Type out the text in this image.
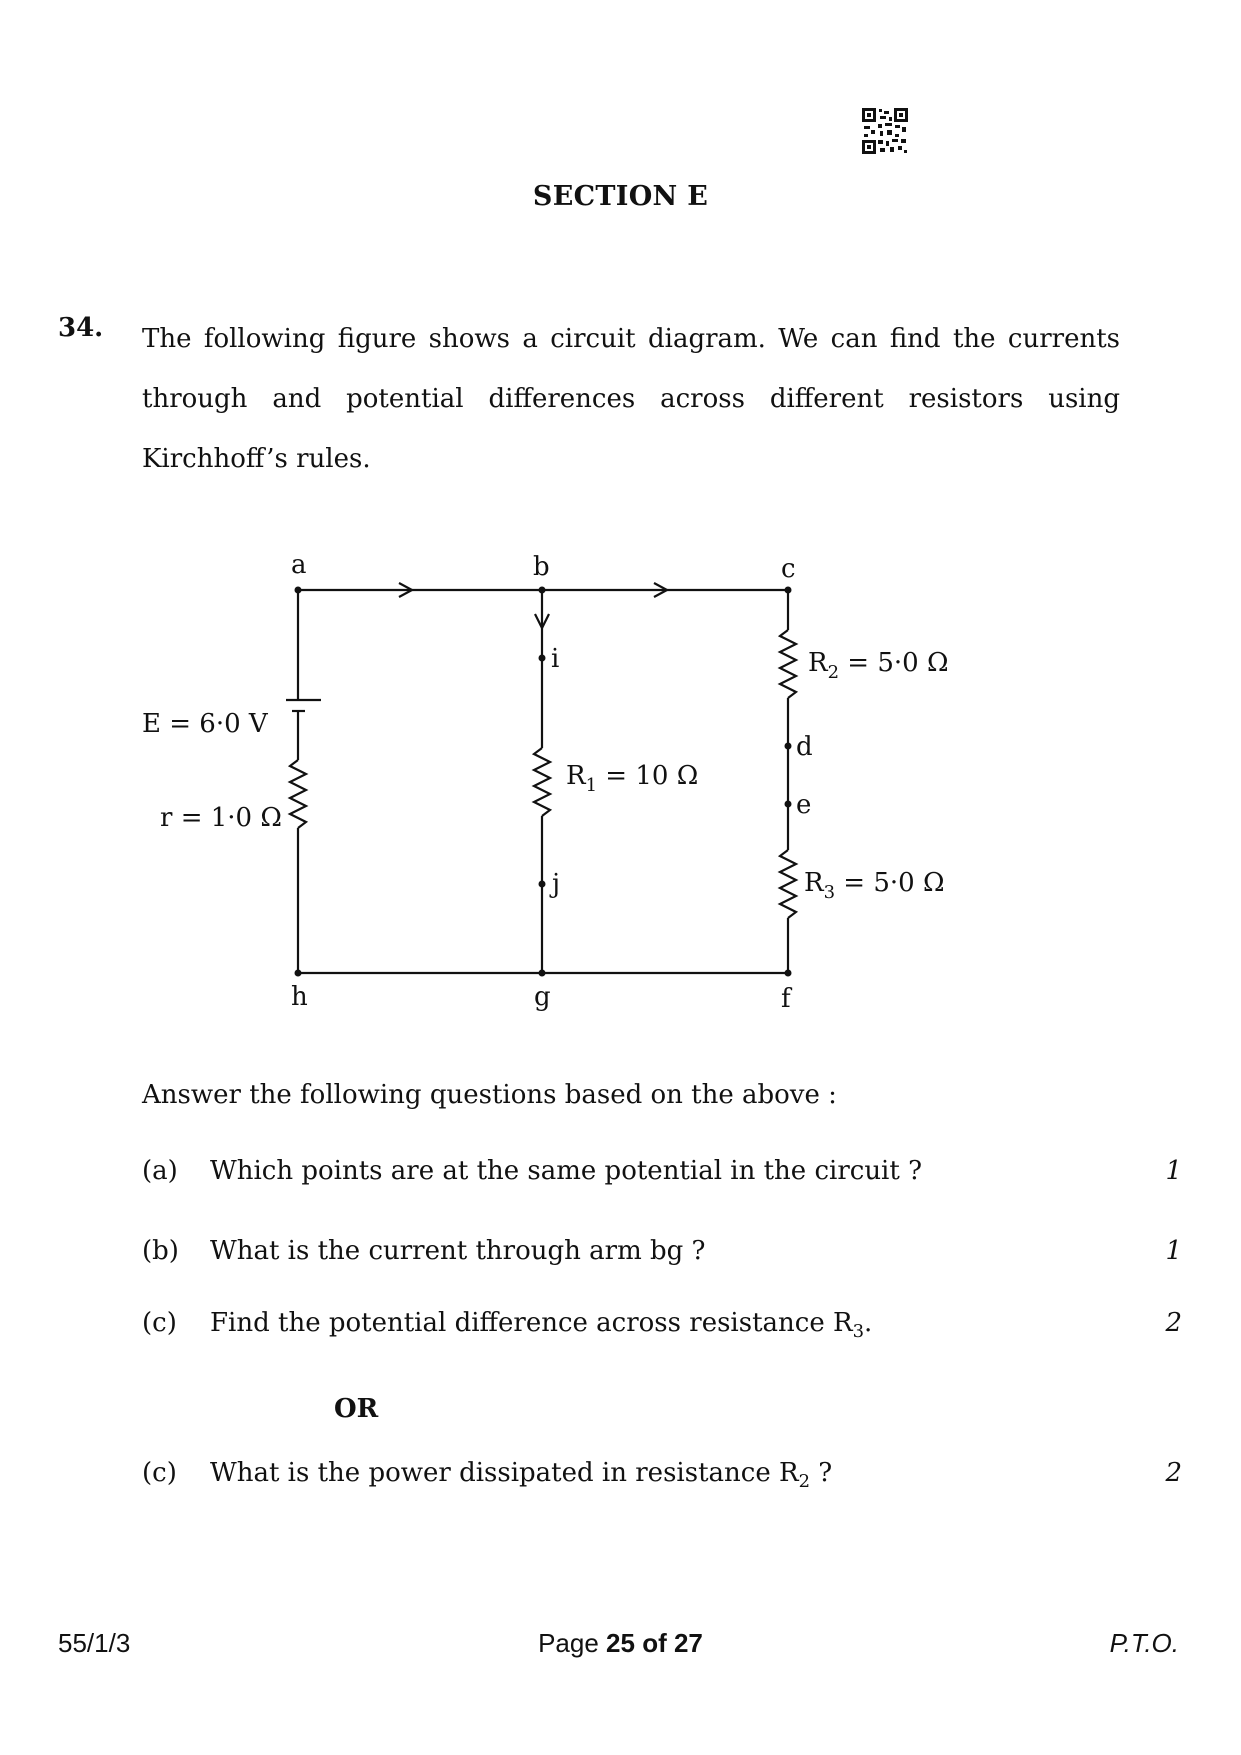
SECTION E
34. The following figure shows a circuit diagram. We can find the currents through and potential differences across different resistors using Kirchhoff’s rules.
a	b	c
i
j
d
e
h	g	f
E = 6·0 V
r = 1·0 Ω
$R_1 = 10$ Ω
$R_2 = 5\cdot 0$ Ω
$R_3 = 5\cdot 0$ Ω
Answer the following questions based on the above :
(a) Which points are at the same potential in the circuit ?	1
(b) What is the current through arm bg ?	1
(c) Find the potential difference across resistance $R_3$.	2
OR
(c) What is the power dissipated in resistance $R_2$ ?	2
55/1/3	Page 25 of 27	P.T.O.
